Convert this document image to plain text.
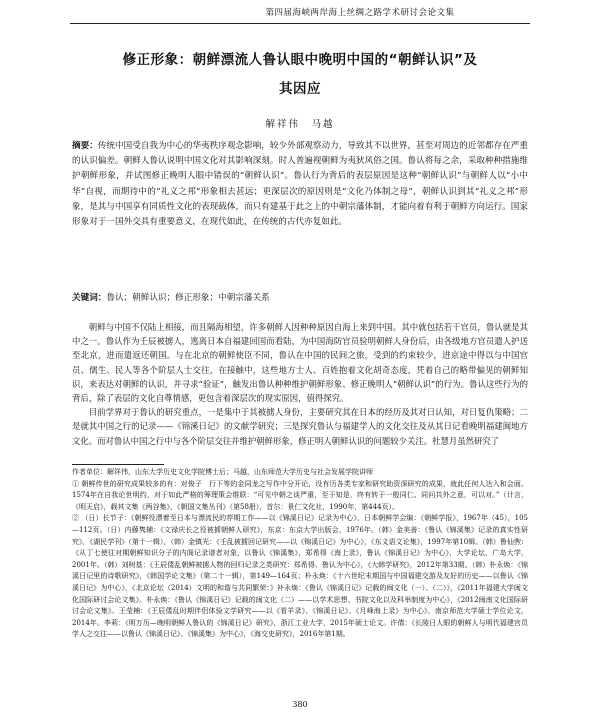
第四届海峡两岸海上丝绸之路学术研讨会论文集
修正形象：朝鲜漂流人鲁认眼中晚明中国的“朝鲜认识”及
其因应
解祥伟　马越
摘要：传统中国受自我为中心的华夷秩序观念影响，较少外部观察动力，导致其不以世界，甚至对周边的近邻都存在严重的认识偏差。朝鲜人鲁认说明中国文化对其影响深刻。时人普遍视朝鲜为夷狄风俗之国。鲁认将每之余，采取种种措施维护朝鲜形象，并试图修正晚明人眼中错误的“朝鲜认识”。鲁认行为背后的表层原因是这种“朝鲜认识”与朝鲜人以“小中华”自视，而期待中的“礼义之邦”形象相去甚远；更深层次的原因则是“文化乃体制之母”，朝鲜认识到其“礼义之邦”形象，是其与中国享有同质性文化的表现载体，而只有建基于此之上的中朝宗藩体制，才能向着有利于朝鲜方向运行。国家形象对于一国外交具有重要意义，在现代如此，在传统的古代亦复如此。
关键词：鲁认；朝鲜认识；修正形象；中朝宗藩关系

朝鲜与中国不仅陆上相接，而且隔海相望，许多朝鲜人因种种原因自海上来到中国。其中就包括若干官员，鲁认就是其中之一。鲁认作为壬辰被掳人，逃离日本自福建回国而看陆，为中国海防官员验明朝鲜人身份后，由各级地方官员遣人护送至北京，进而遣返还朝国。与在北京的朝鲜使臣不同，鲁认在中国的民间之旅，受到的约束较少，进京途中得以与中国官员、儒生、民人等各个阶层人士交往，在接触中，这些地方士人、百姓抱着文化胡奇态度，凭着自己的略带偏见的朝鲜知识，来表达对朝鲜的认识，并寻求“验证”，触发出鲁认种种维护朝鲜形象、修正晚明人“朝鲜认识”的行为。鲁认这些行为的背后，除了表层的文化自尊情感，更包含着深层次的现实原因，值得探究。

目前学界对于鲁认的研究重点，一是集中于其被掳人身份，主要研究其在日本的经历及其对日认知，对日复仇策略；二是就其中国之行的记录——《锦溪日记》的文献学研究；三是探究鲁认与福建学人的文化交往及从其日记看晚明福建闽地方文化。而对鲁认中国之行中与各个阶层交往并维护朝鲜形象，修正明人朝鲜认识的问题较少关注。杜慧月虽然研究了

作者单位：解祥伟，山东大学历史文化学院博士后；马越，山东师范大学历史与社会发展学院讲师

① 朝鲜传世的研究成果较多的有：对俊子　行下等的金同龙之写作中分开论，设有历各类专家和研究助资深研究的成果，就此任何人达入和会面。1574年在自我论世明约，对于如此严格的筹理策会维联：“可见中朝之谈严重，至于知是，终有转于一般同仁、同问共外之意，可以对。”（计言，《明天启》，载其文集《两谷集》，《朝国文集丛刊》（第58册），首尔：景仁文化社，1990年，第444页）。

② （日）长节子：《朝鲜役漂着至日本与漂流民的荐期工作——以《锦溪日记》记录为中心》，日本朝鲜学会编：《朝鲜学报》，1967年（45），105—112页。（日）内藤隽辅：《文禄庆长之役被掳朝鲜人研究》，东京：东京大学出版会，1976年。（韩）金美善：《鲁认《锦溪集》记录的真实性研究》，《湖民学刊》（第十一辑），（韩）金镇光：《壬乱被掳回记研究——以《锦溪日记》为中心》，《东义语文论集》，1997年第10辑。（韩）鲁仙煦：《从丁七使往对期朝鲜知识分子的内阁记录谱者对象，以鲁认《锦溪集》，郑希得《海上录》，鲁认《锦溪日记》为中心》，大学论坛，广岛大学，2001年。（韩）刘树基：《王辰倭乱朝鲜被掳人物的回归记录之类研究：郑希得、鲁认为中心》，《大韩学研究》，2012年第33期。（韩）朴永焕：《锦溪日记里的诗歌研究》，《韩国学论文集》（第二十一辑），第149—164页；朴永焕：《十六世纪末期国与中国福建交游及友好的历史——以鲁认《锦溪日记》为中心》，《北京论坛（2014）文明的和谐与共同繁荣：》补永焕：《鲁认《锦溪日记》记载的闽文化（一）、（二）》，《2011年福建大学闽文化国际研讨会论文集》。朴永焕：《鲁认《锦溪日记》记载的闽文化（二）——以学术思想、书院文化以及科举制度为中心》，《2012闽南文化国际研讨会论文集》。王莹楠：《王辰倭乱时期伴侣体验文学研究——以《看羊录》、《锦溪日记》、《月峰海上录》为中心》，南京师范大学硕士学位论文，2014年。李莉：《明万历—晚明朝鲜人鲁认的《锦溪日记》研究》，浙江工业大学，2015年硕士论文。许倩：《长陵日人眼的朝鲜人与明代福建官员学人之交往——以鲁认《锦溪日记》、《锦溪集》为中心》，《海交史研究》，2016年第1期。

380
